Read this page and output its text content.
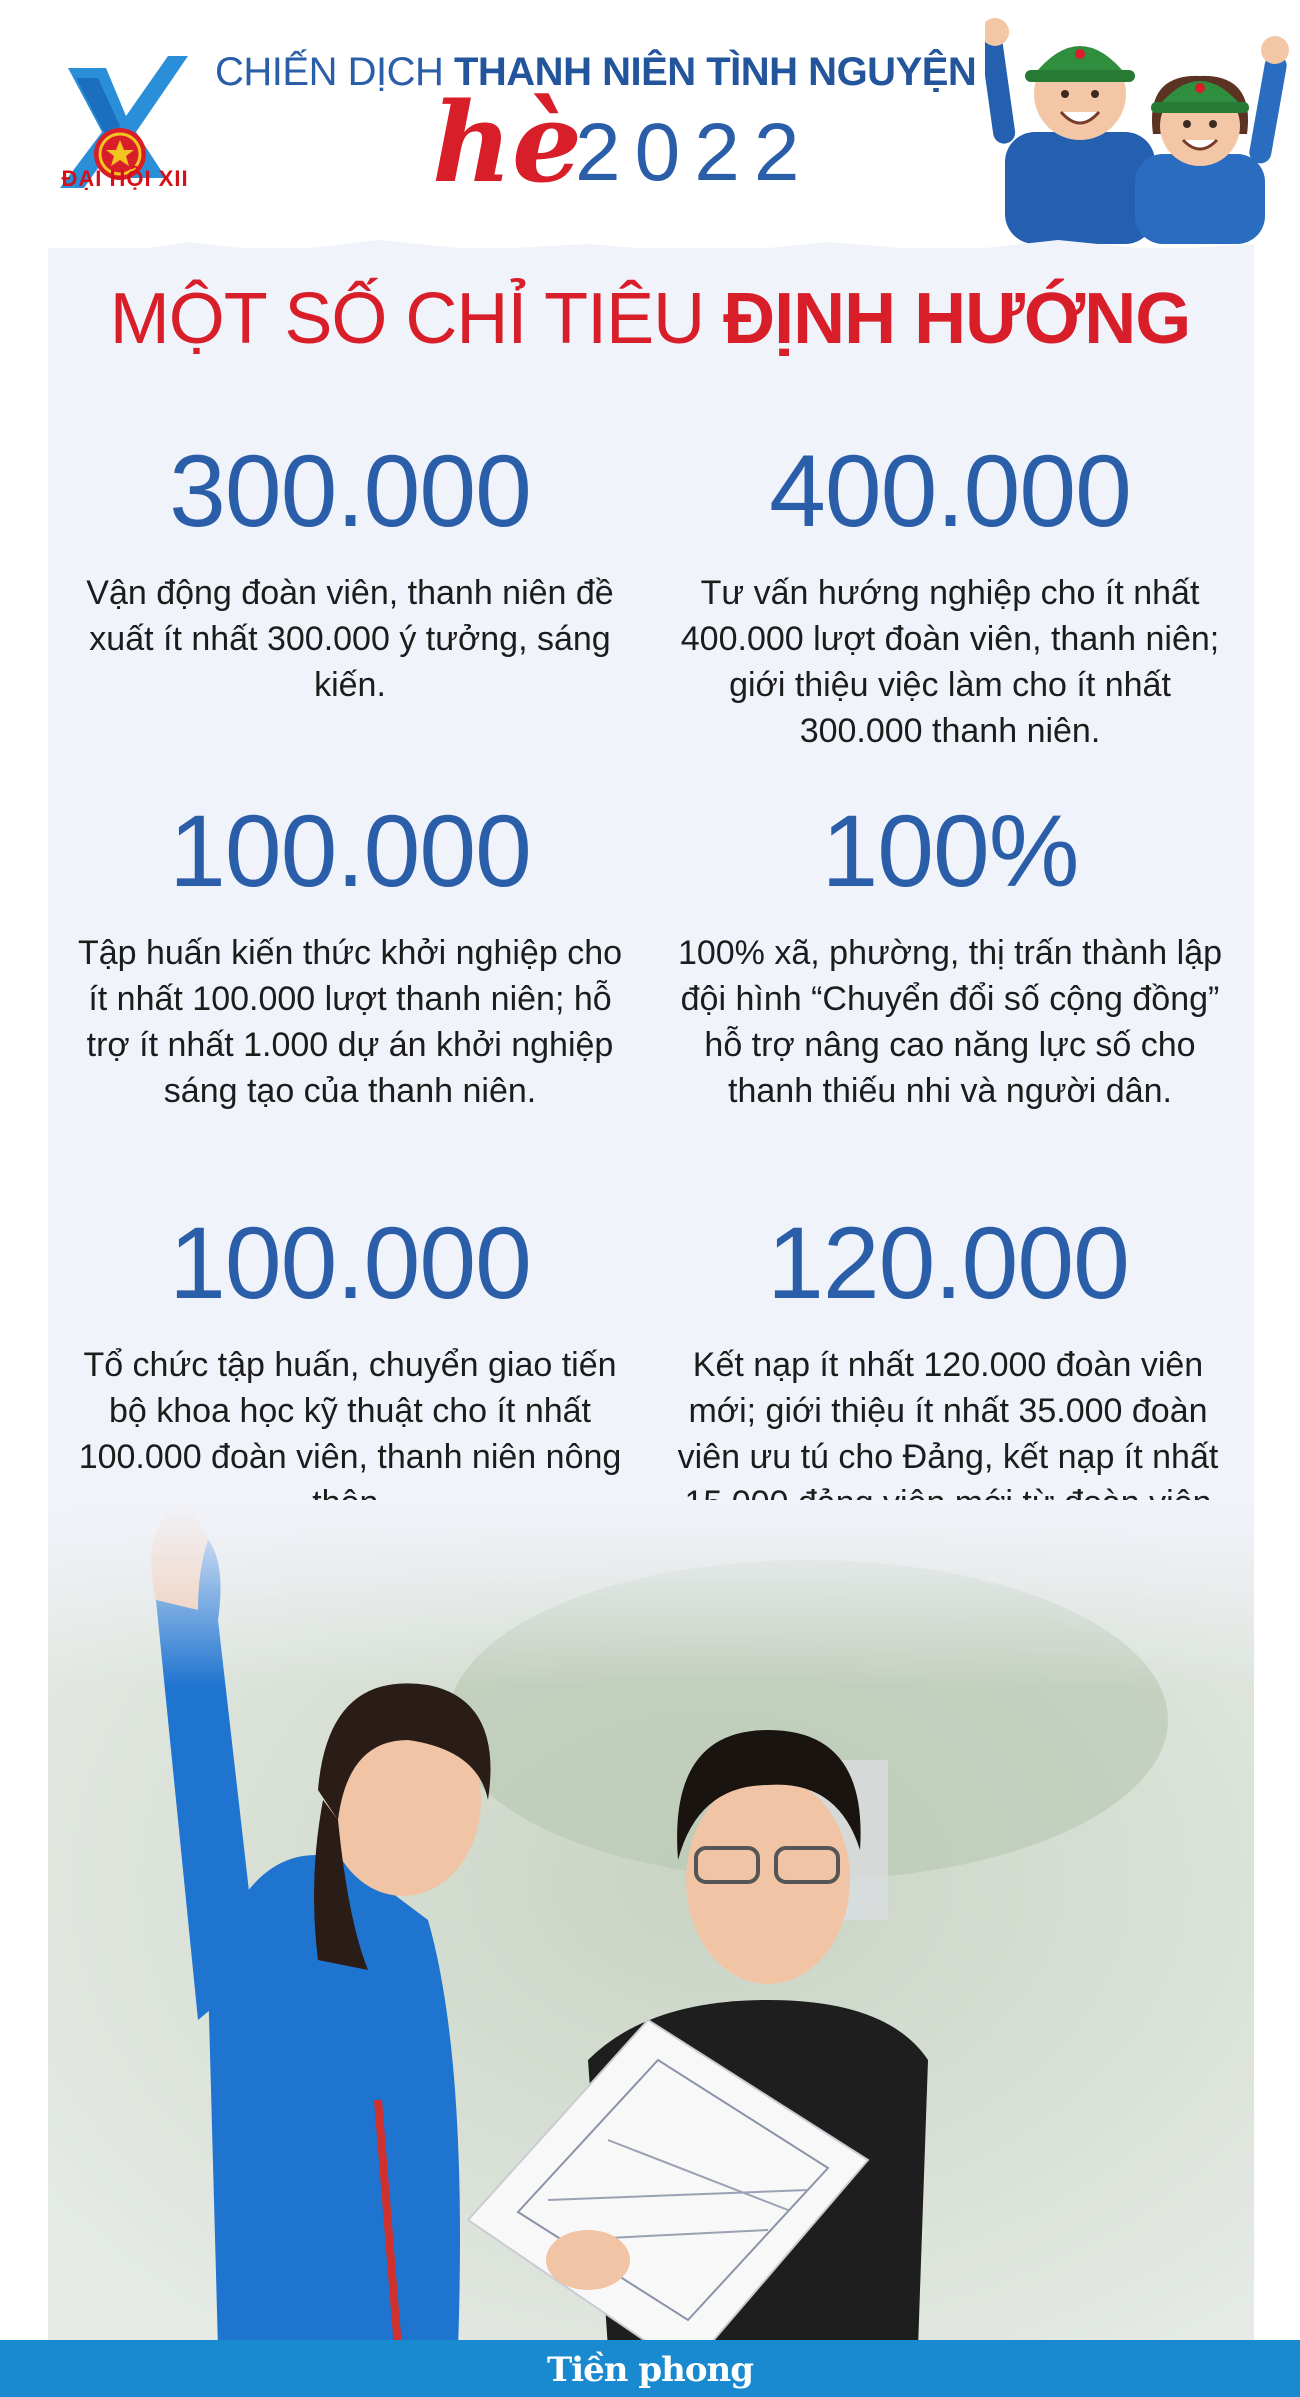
ĐẠI HỘI XII
CHIẾN DỊCH THANH NIÊN TÌNH NGUYỆN
hè
2022
MỘT SỐ CHỈ TIÊU ĐỊNH HƯỚNG
300.000
Vận động đoàn viên, thanh niên đề xuất ít nhất 300.000 ý tưởng, sáng kiến.
400.000
Tư vấn hướng nghiệp cho ít nhất 400.000 lượt đoàn viên, thanh niên; giới thiệu việc làm cho ít nhất 300.000 thanh niên.
100.000
Tập huấn kiến thức khởi nghiệp cho ít nhất 100.000 lượt thanh niên; hỗ trợ ít nhất 1.000 dự án khởi nghiệp sáng tạo của thanh niên.
100%
100% xã, phường, thị trấn thành lập đội hình “Chuyển đổi số cộng đồng” hỗ trợ nâng cao năng lực số cho thanh thiếu nhi và người dân.
100.000
Tổ chức tập huấn, chuyển giao tiến bộ khoa học kỹ thuật cho ít nhất 100.000 đoàn viên, thanh niên nông
120.000
Kết nạp ít nhất 120.000 đoàn viên mới; giới thiệu ít nhất 35.000 đoàn viên ưu tú cho Đảng, kết nạp ít nhất
Tiền phong
